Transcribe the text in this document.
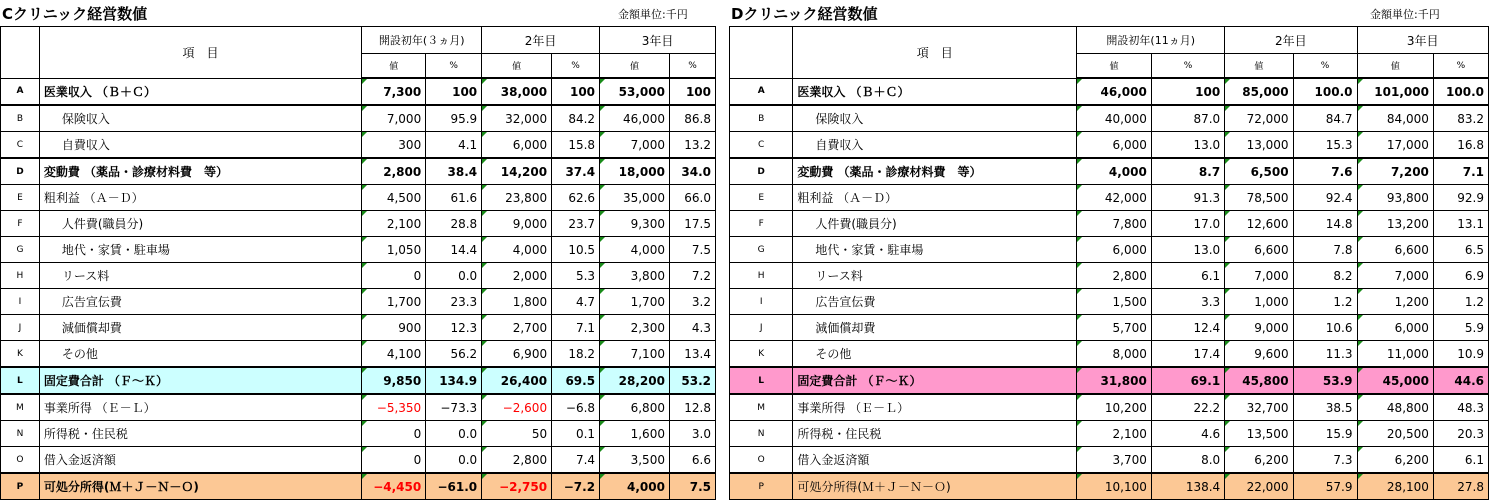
Cクリニック経営数値	金額単位:千円
	項　目	開設初年(３ヵ月)		2年目		3年目	
		値	%	値	%	値	%
A	医業収入 （Ｂ＋Ｃ）	7,300	100	38,000	100	53,000	100
B	保険収入	7,000	95.9	32,000	84.2	46,000	86.8
C	自費収入	300	4.1	6,000	15.8	7,000	13.2
D	変動費 （薬品・診療材料費　等）	2,800	38.4	14,200	37.4	18,000	34.0
E	粗利益 （Ａ－Ｄ）	4,500	61.6	23,800	62.6	35,000	66.0
F	人件費(職員分)	2,100	28.8	9,000	23.7	9,300	17.5
G	地代・家賃・駐車場	1,050	14.4	4,000	10.5	4,000	7.5
H	リース料	0	0.0	2,000	5.3	3,800	7.2
I	広告宣伝費	1,700	23.3	1,800	4.7	1,700	3.2
J	減価償却費	900	12.3	2,700	7.1	2,300	4.3
K	その他	4,100	56.2	6,900	18.2	7,100	13.4
L	固定費合計 （Ｆ～Ｋ）	9,850	134.9	26,400	69.5	28,200	53.2
M	事業所得 （Ｅ－Ｌ）	−5,350	−73.3	−2,600	−6.8	6,800	12.8
N	所得税・住民税	0	0.0	50	0.1	1,600	3.0
O	借入金返済額	0	0.0	2,800	7.4	3,500	6.6
P	可処分所得(Ｍ＋Ｊ－Ｎ－Ｏ)	−4,450	−61.0	−2,750	−7.2	4,000	7.5
Dクリニック経営数値	金額単位:千円
	項　目	開設初年(11ヵ月)		2年目		3年目	
		値	%	値	%	値	%
A	医業収入 （Ｂ＋Ｃ）	46,000	100	85,000	100.0	101,000	100.0
B	保険収入	40,000	87.0	72,000	84.7	84,000	83.2
C	自費収入	6,000	13.0	13,000	15.3	17,000	16.8
D	変動費 （薬品・診療材料費　等）	4,000	8.7	6,500	7.6	7,200	7.1
E	粗利益 （Ａ－Ｄ）	42,000	91.3	78,500	92.4	93,800	92.9
F	人件費(職員分)	7,800	17.0	12,600	14.8	13,200	13.1
G	地代・家賃・駐車場	6,000	13.0	6,600	7.8	6,600	6.5
H	リース料	2,800	6.1	7,000	8.2	7,000	6.9
I	広告宣伝費	1,500	3.3	1,000	1.2	1,200	1.2
J	減価償却費	5,700	12.4	9,000	10.6	6,000	5.9
K	その他	8,000	17.4	9,600	11.3	11,000	10.9
L	固定費合計 （Ｆ～Ｋ）	31,800	69.1	45,800	53.9	45,000	44.6
M	事業所得 （Ｅ－Ｌ）	10,200	22.2	32,700	38.5	48,800	48.3
N	所得税・住民税	2,100	4.6	13,500	15.9	20,500	20.3
O	借入金返済額	3,700	8.0	6,200	7.3	6,200	6.1
P	可処分所得(Ｍ＋Ｊ－Ｎ－Ｏ)	10,100	138.4	22,000	57.9	28,100	27.8
